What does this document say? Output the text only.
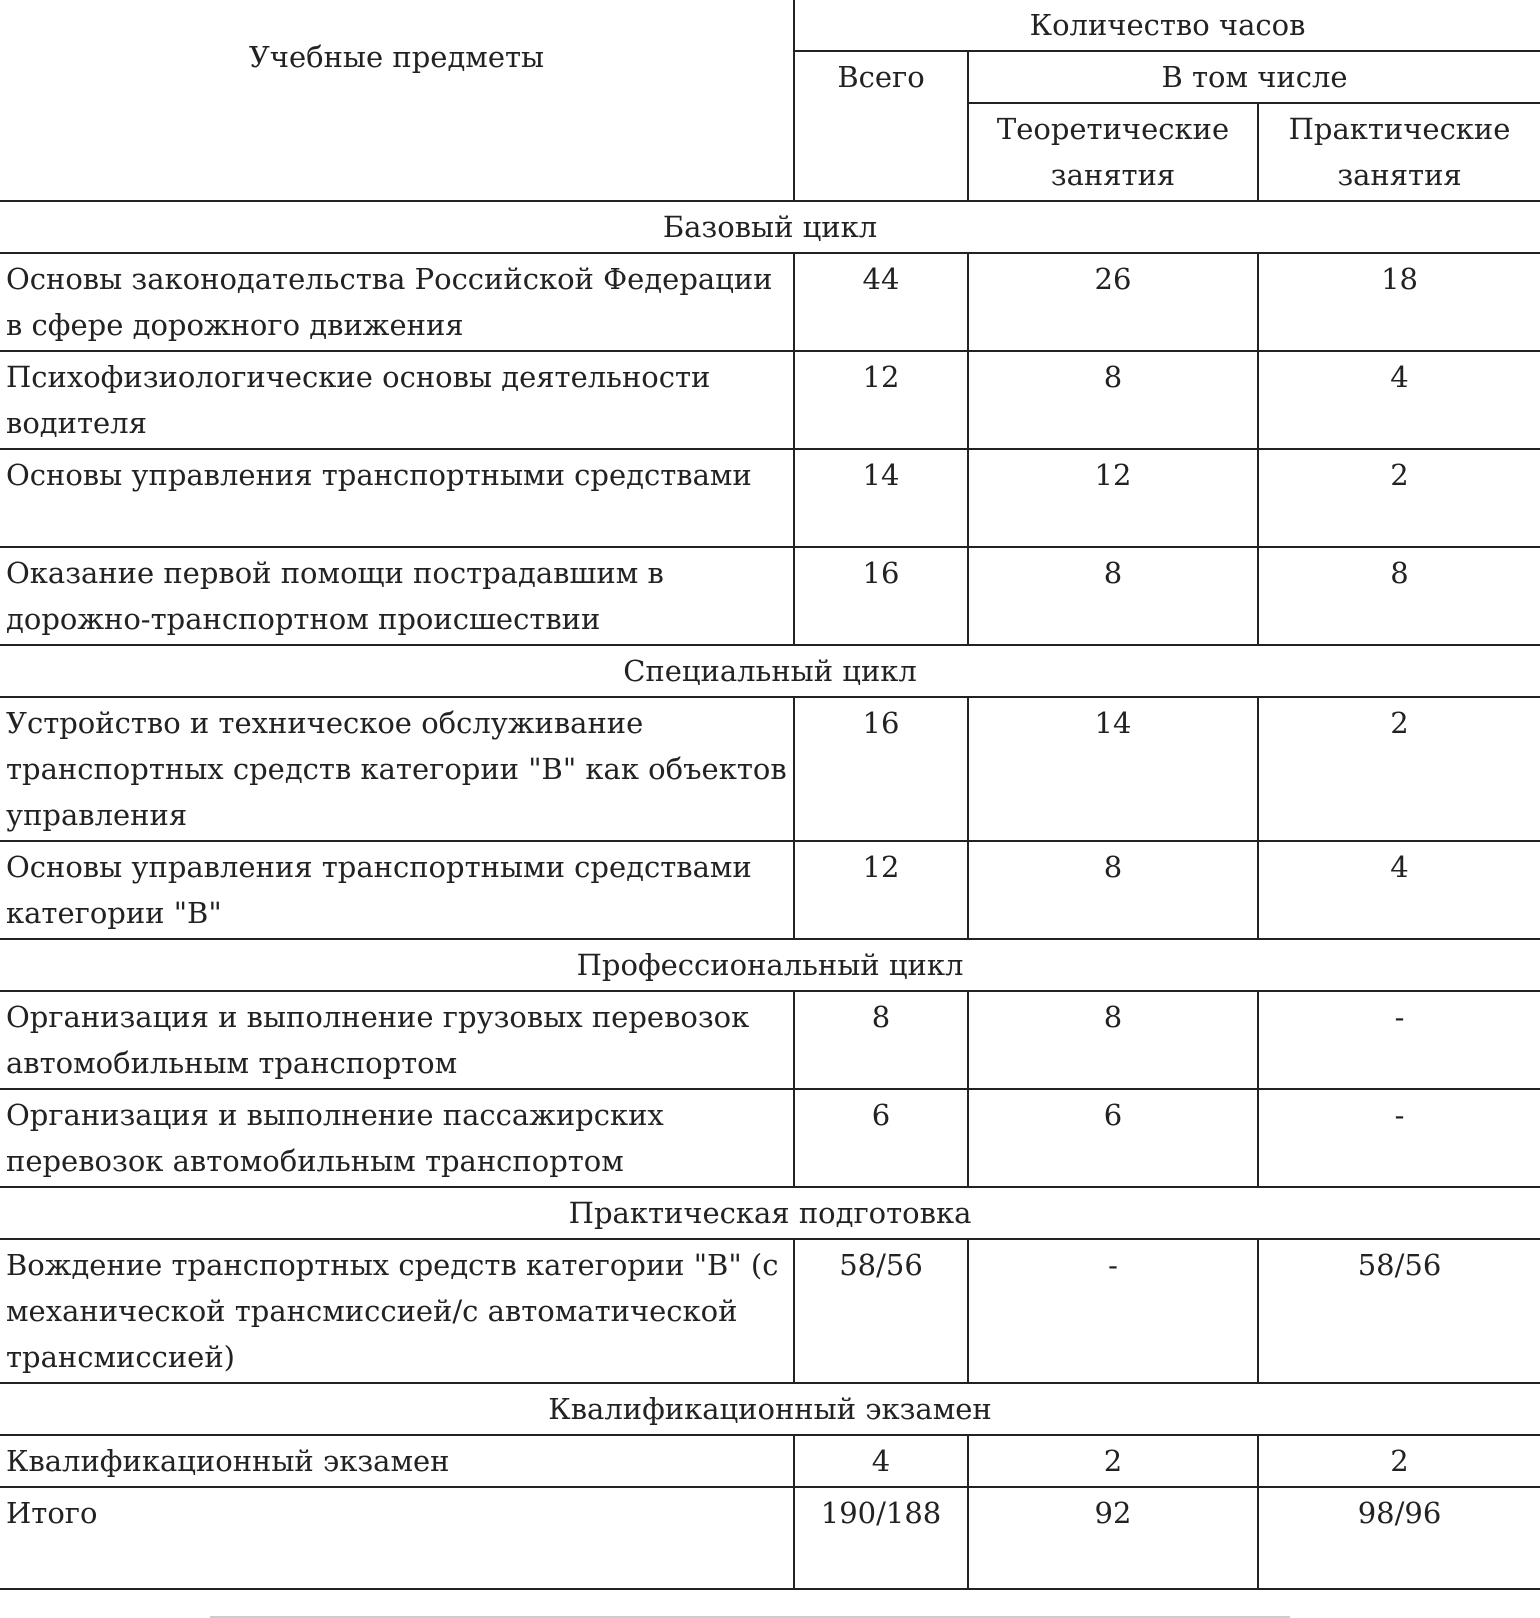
Учебные предметы	Количество часов		
	Всего	В том числе	
		Теоретические занятия	Практические занятия
Базовый цикл			
Основы законодательства Российской Федерации в сфере дорожного движения	44	26	18
Психофизиологические основы деятельности водителя	12	8	4
Основы управления транспортными средствами	14	12	2
Оказание первой помощи пострадавшим в дорожно-транспортном происшествии	16	8	8
Специальный цикл			
Устройство и техническое обслуживание транспортных средств категории "B" как объектов управления	16	14	2
Основы управления транспортными средствами категории "B"	12	8	4
Профессиональный цикл			
Организация и выполнение грузовых перевозок автомобильным транспортом	8	8	-
Организация и выполнение пассажирских перевозок автомобильным транспортом	6	6	-
Практическая подготовка			
Вождение транспортных средств категории "B" (с механической трансмиссией/с автоматической трансмиссией)	58/56	-	58/56
Квалификационный экзамен			
Квалификационный экзамен	4	2	2
Итого	190/188	92	98/96
